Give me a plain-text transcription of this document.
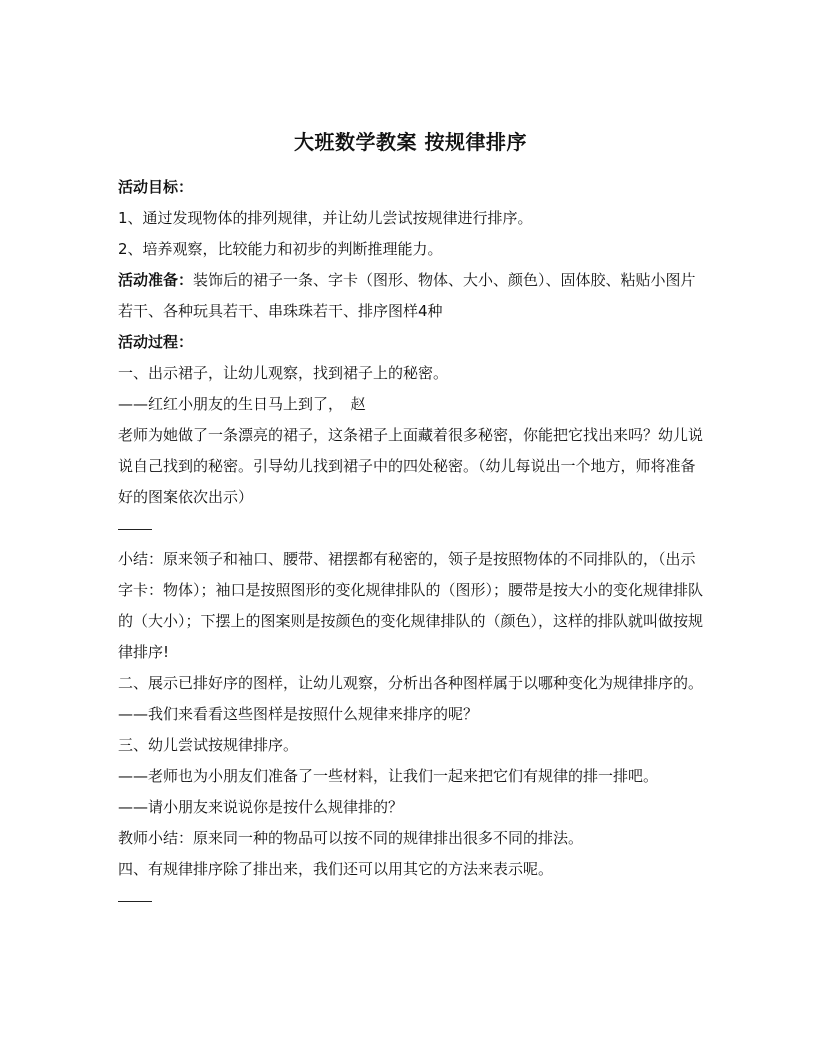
大班数学教案 按规律排序

活动目标：

1、通过发现物体的排列规律，并让幼儿尝试按规律进行排序。

2、培养观察，比较能力和初步的判断推理能力。

活动准备：装饰后的裙子一条、字卡（图形、物体、大小、颜色）、固体胶、粘贴小图片若干、各种玩具若干、串珠珠若干、排序图样4种

活动过程：

一、出示裙子，让幼儿观察，找到裙子上的秘密。

——红红小朋友的生日马上到了，　赵

老师为她做了一条漂亮的裙子，这条裙子上面藏着很多秘密，你能把它找出来吗？幼儿说说自己找到的秘密。引导幼儿找到裙子中的四处秘密。（幼儿每说出一个地方，师将准备好的图案依次出示）

小结：原来领子和袖口、腰带、裙摆都有秘密的，领子是按照物体的不同排队的，（出示字卡：物体）；袖口是按照图形的变化规律排队的（图形）；腰带是按大小的变化规律排队的（大小）；下摆上的图案则是按颜色的变化规律排队的（颜色），这样的排队就叫做按规律排序!

二、展示已排好序的图样，让幼儿观察，分析出各种图样属于以哪种变化为规律排序的。

——我们来看看这些图样是按照什么规律来排序的呢？

三、幼儿尝试按规律排序。

——老师也为小朋友们准备了一些材料，让我们一起来把它们有规律的排一排吧。

——请小朋友来说说你是按什么规律排的？

教师小结：原来同一种的物品可以按不同的规律排出很多不同的排法。

四、有规律排序除了排出来，我们还可以用其它的方法来表示呢。
